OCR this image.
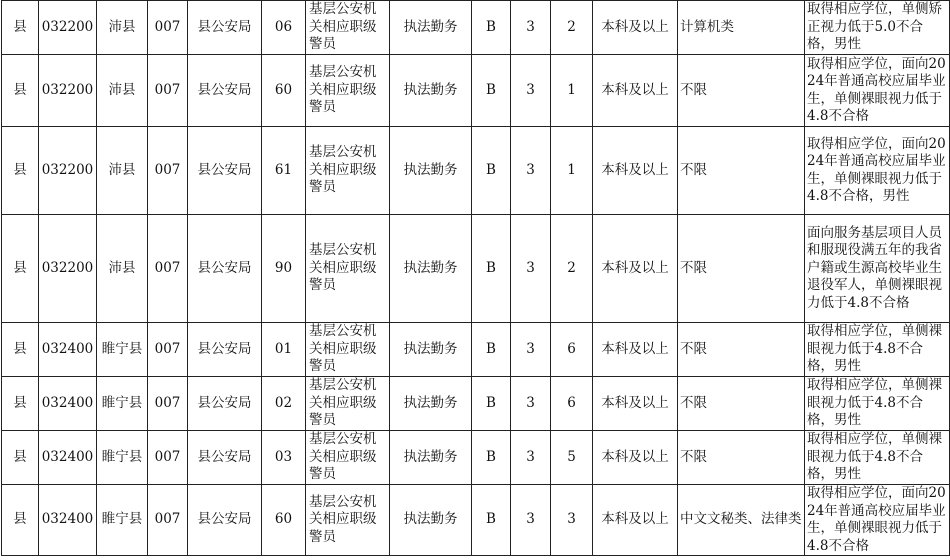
县	032200	沛县	007	县公安局	06	基层公安机关相应职级警员	执法勤务	B	3	2	本科及以上	计算机类	取得相应学位，单侧矫正视力低于5.0不合格，男性
县	032200	沛县	007	县公安局	60	基层公安机关相应职级警员	执法勤务	B	3	1	本科及以上	不限	取得相应学位，面向2024年普通高校应届毕业生，单侧裸眼视力低于4.8不合格
县	032200	沛县	007	县公安局	61	基层公安机关相应职级警员	执法勤务	B	3	1	本科及以上	不限	取得相应学位，面向2024年普通高校应届毕业生，单侧裸眼视力低于4.8不合格，男性
县	032200	沛县	007	县公安局	90	基层公安机关相应职级警员	执法勤务	B	3	2	本科及以上	不限	面向服务基层项目人员和服现役满五年的我省户籍或生源高校毕业生退役军人，单侧裸眼视力低于4.8不合格
县	032400	睢宁县	007	县公安局	01	基层公安机关相应职级警员	执法勤务	B	3	6	本科及以上	不限	取得相应学位，单侧裸眼视力低于4.8不合格，男性
县	032400	睢宁县	007	县公安局	02	基层公安机关相应职级警员	执法勤务	B	3	6	本科及以上	不限	取得相应学位，单侧裸眼视力低于4.8不合格，男性
县	032400	睢宁县	007	县公安局	03	基层公安机关相应职级警员	执法勤务	B	3	5	本科及以上	不限	取得相应学位，单侧裸眼视力低于4.8不合格，男性
县	032400	睢宁县	007	县公安局	60	基层公安机关相应职级警员	执法勤务	B	3	3	本科及以上	中文文秘类、法律类	取得相应学位，面向2024年普通高校应届毕业生，单侧裸眼视力低于4.8不合格
